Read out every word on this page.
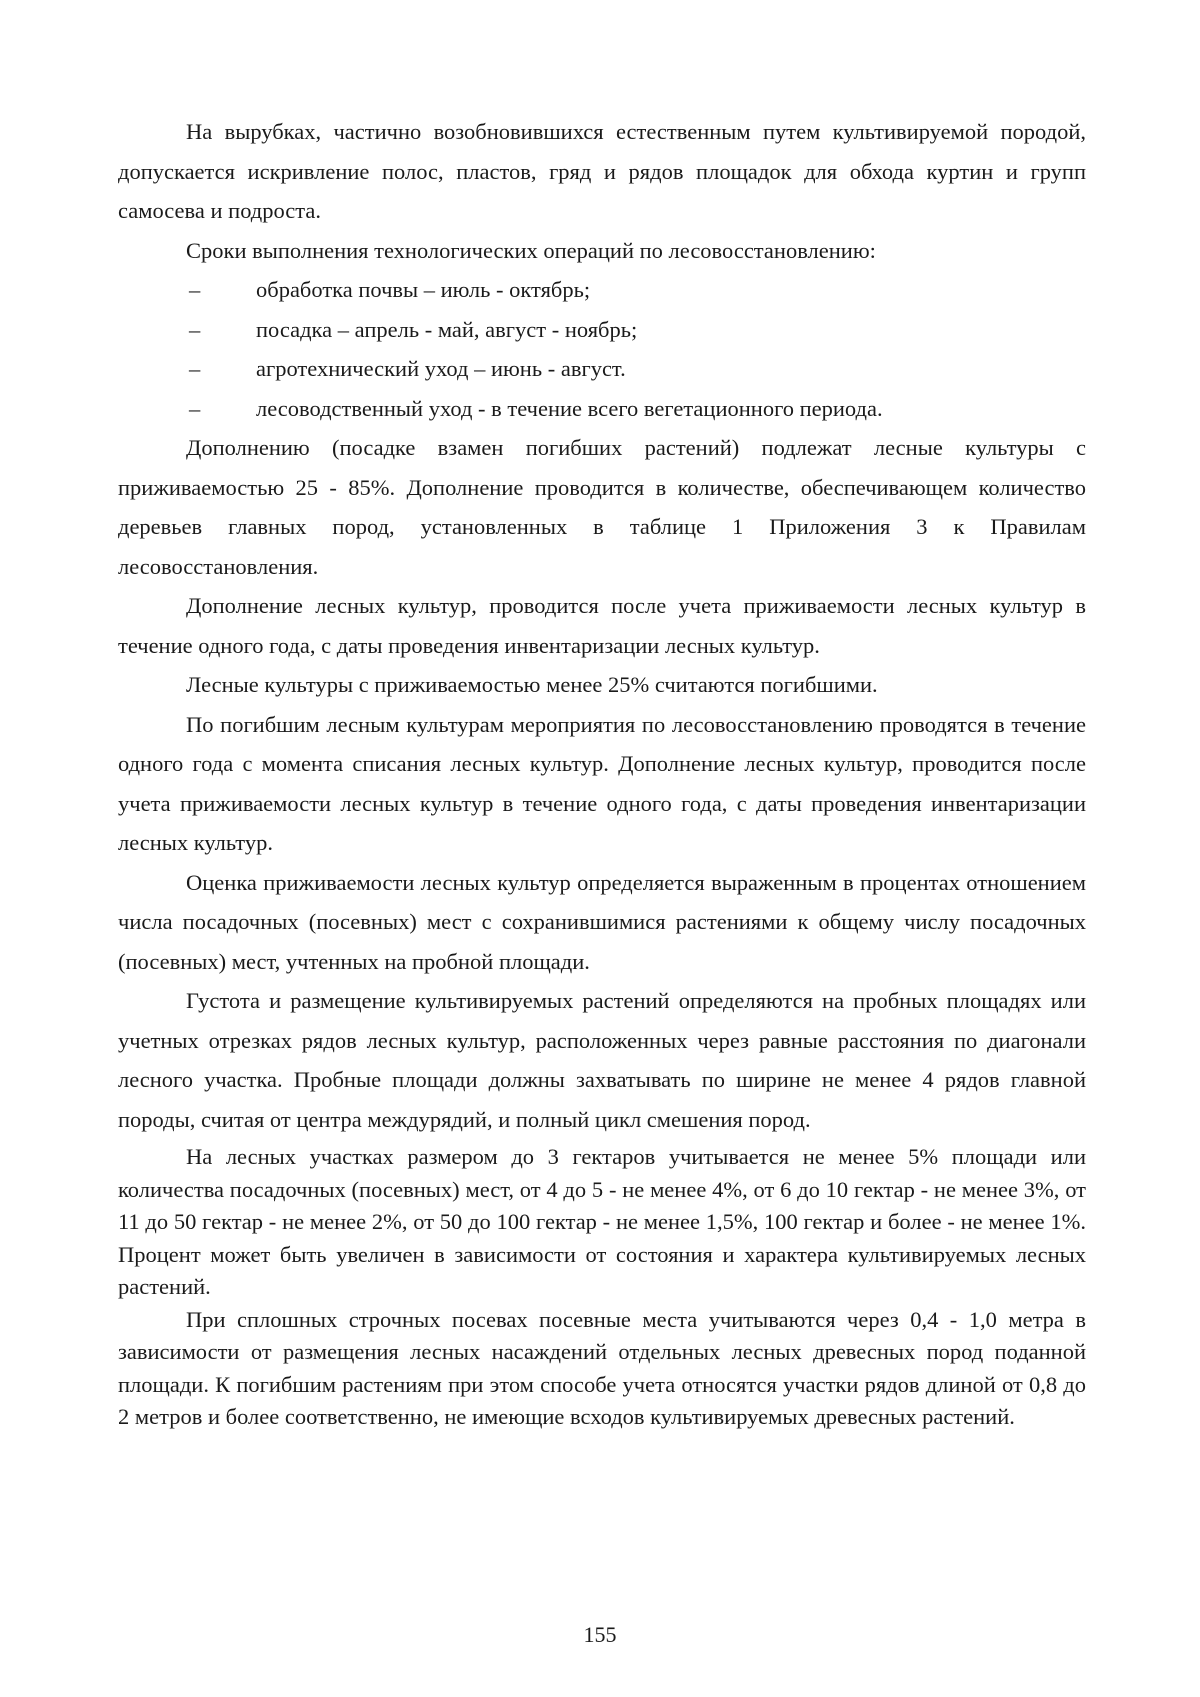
На вырубках, частично возобновившихся естественным путем культивируемой породой, допускается искривление полос, пластов, гряд и рядов площадок для обхода куртин и групп самосева и подроста.

Сроки выполнения технологических операций по лесовосстановлению:

– обработка почвы – июль - октябрь;
– посадка – апрель - май, август - ноябрь;
– агротехнический уход – июнь - август.
– лесоводственный уход - в течение всего вегетационного периода.

Дополнению (посадке взамен погибших растений) подлежат лесные культуры с приживаемостью 25 - 85%. Дополнение проводится в количестве, обеспечивающем количество деревьев главных пород, установленных в таблице 1 Приложения 3 к Правилам лесовосстановления.

Дополнение лесных культур, проводится после учета приживаемости лесных культур в течение одного года, с даты проведения инвентаризации лесных культур.

Лесные культуры с приживаемостью менее 25% считаются погибшими.

По погибшим лесным культурам мероприятия по лесовосстановлению проводятся в течение одного года с момента списания лесных культур. Дополнение лесных культур, проводится после учета приживаемости лесных культур в течение одного года, с даты проведения инвентаризации лесных культур.

Оценка приживаемости лесных культур определяется выраженным в процентах отношением числа посадочных (посевных) мест с сохранившимися растениями к общему числу посадочных (посевных) мест, учтенных на пробной площади.

Густота и размещение культивируемых растений определяются на пробных площадях или учетных отрезках рядов лесных культур, расположенных через равные расстояния по диагонали лесного участка. Пробные площади должны захватывать по ширине не менее 4 рядов главной породы, считая от центра междурядий, и полный цикл смешения пород.

На лесных участках размером до 3 гектаров учитывается не менее 5% площади или количества посадочных (посевных) мест, от 4 до 5 - не менее 4%, от 6 до 10 гектар - не менее 3%, от 11 до 50 гектар - не менее 2%, от 50 до 100 гектар - не менее 1,5%, 100 гектар и более - не менее 1%. Процент может быть увеличен в зависимости от состояния и характера культивируемых лесных растений.

При сплошных строчных посевах посевные места учитываются через 0,4 - 1,0 метра в зависимости от размещения лесных насаждений отдельных лесных древесных пород поданной площади. К погибшим растениям при этом способе учета относятся участки рядов длиной от 0,8 до 2 метров и более соответственно, не имеющие всходов культивируемых древесных растений.

155
